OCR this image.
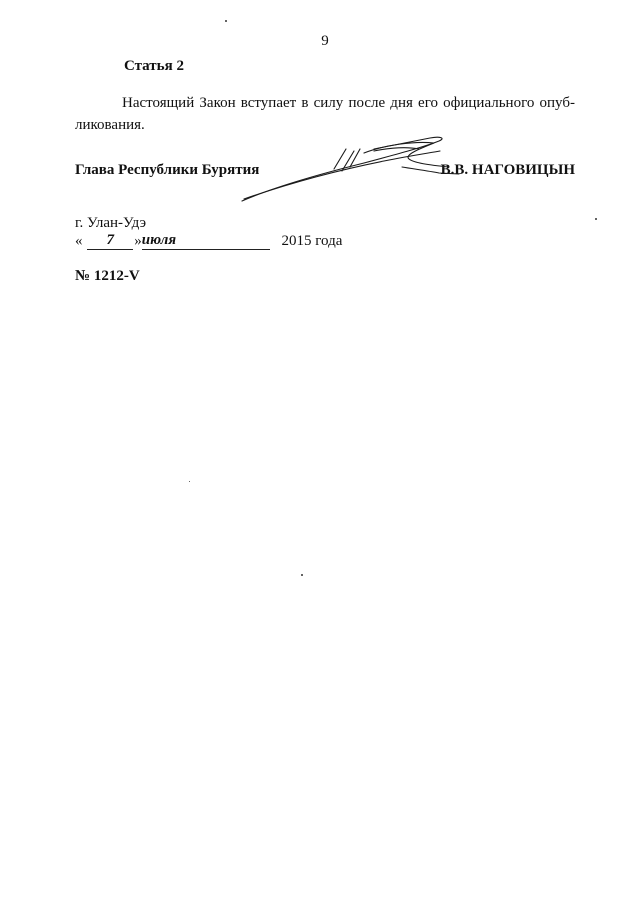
9
Статья 2
Настоящий Закон вступает в силу после дня его официального опуб-
ликования.
Глава Республики Бурятия	В.В. НАГОВИЦЫН
г. Улан-Удэ
« 7 »июля	2015 года
№ 1212-V
